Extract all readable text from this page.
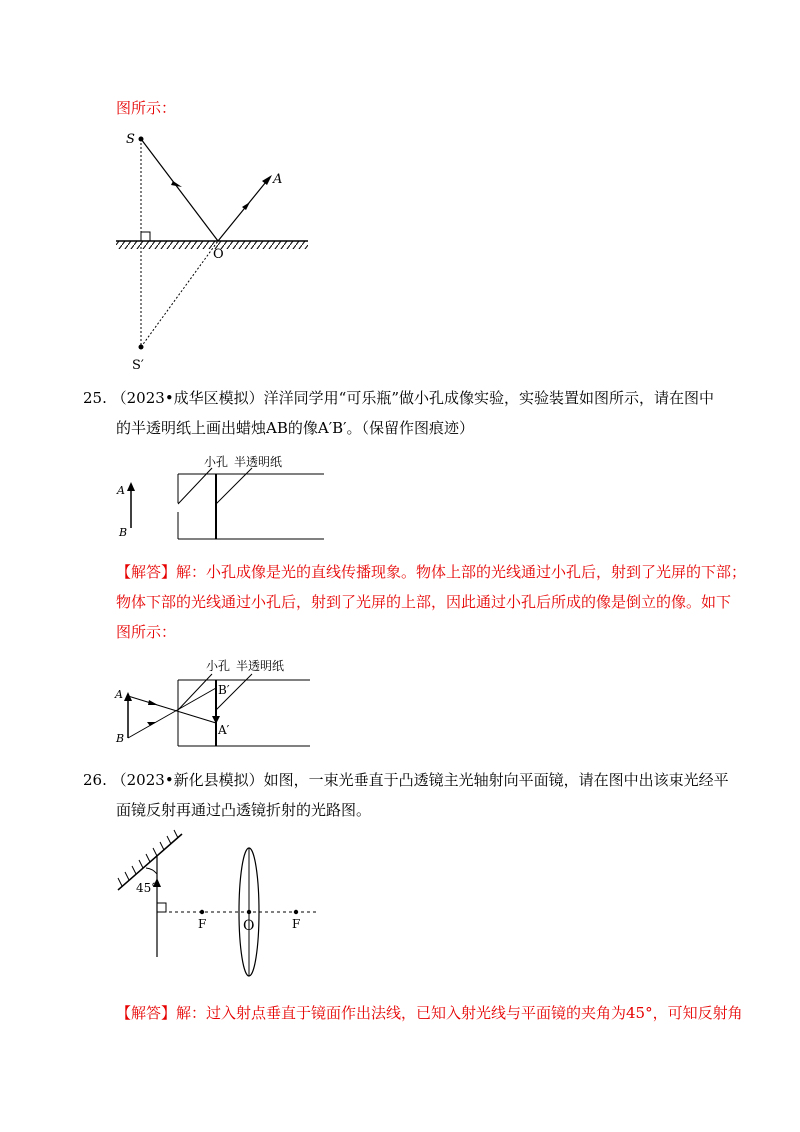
图所示：
S
A
O
S′
25. （2023•成华区模拟）洋洋同学用“可乐瓶”做小孔成像实验，实验装置如图所示，请在图中
的半透明纸上画出蜡烛AB的像A′B′。（保留作图痕迹）
A
B
小孔 半透明纸
【解答】解：小孔成像是光的直线传播现象。物体上部的光线通过小孔后，射到了光屏的下部；
物体下部的光线通过小孔后，射到了光屏的上部，因此通过小孔后所成的像是倒立的像。如下
图所示：
A
B
小孔 半透明纸
B′
A′
26. （2023•新化县模拟）如图，一束光垂直于凸透镜主光轴射向平面镜，请在图中出该束光经平
面镜反射再通过凸透镜折射的光路图。
45°
F	O	F
【解答】解：过入射点垂直于镜面作出法线，已知入射光线与平面镜的夹角为45°，可知反射角
